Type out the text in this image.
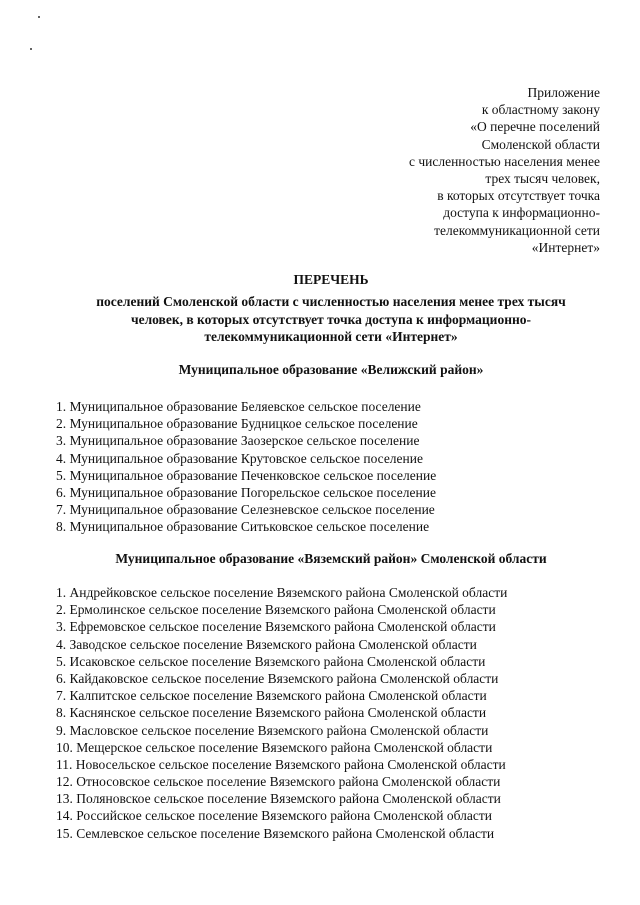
Приложение
к областному закону
«О перечне поселений
Смоленской области
с численностью населения менее
трех тысяч человек,
в которых отсутствует точка
доступа к информационно-
телекоммуникационной сети
«Интернет»
ПЕРЕЧЕНЬ
поселений Смоленской области с численностью населения менее трех тысяч
человек, в которых отсутствует точка доступа к информационно-
телекоммуникационной сети «Интернет»
Муниципальное образование «Велижский район»
1. Муниципальное образование Беляевское сельское поселение
2. Муниципальное образование Будницкое сельское поселение
3. Муниципальное образование Заозерское сельское поселение
4. Муниципальное образование Крутовское сельское поселение
5. Муниципальное образование Печенковское сельское поселение
6. Муниципальное образование Погорельское сельское поселение
7. Муниципальное образование Селезневское сельское поселение
8. Муниципальное образование Ситьковское сельское поселение
Муниципальное образование «Вяземский район» Смоленской области
1. Андрейковское сельское поселение Вяземского района Смоленской области
2. Ермолинское сельское поселение Вяземского района Смоленской области
3. Ефремовское сельское поселение Вяземского района Смоленской области
4. Заводское сельское поселение Вяземского района Смоленской области
5. Исаковское сельское поселение Вяземского района Смоленской области
6. Кайдаковское сельское поселение Вяземского района Смоленской области
7. Калпитское сельское поселение Вяземского района Смоленской области
8. Каснянское сельское поселение Вяземского района Смоленской области
9. Масловское сельское поселение Вяземского района Смоленской области
10. Мещерское сельское поселение Вяземского района Смоленской области
11. Новосельское сельское поселение Вяземского района Смоленской области
12. Относовское сельское поселение Вяземского района Смоленской области
13. Поляновское сельское поселение Вяземского района Смоленской области
14. Российское сельское поселение Вяземского района Смоленской области
15. Семлевское сельское поселение Вяземского района Смоленской области
